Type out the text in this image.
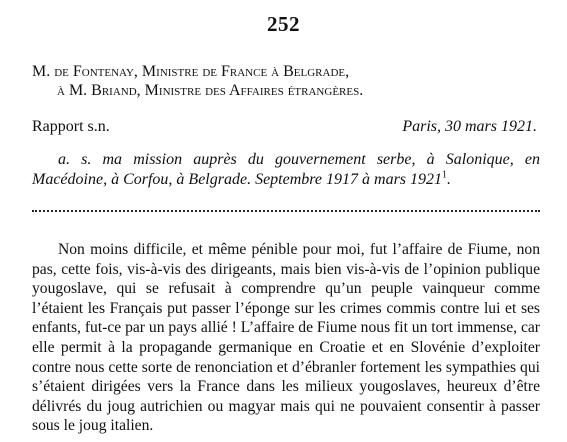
252
M. de Fontenay, Ministre de France à Belgrade,
à M. Briand, Ministre des Affaires étrangères.
Rapport s.n.	Paris, 30 mars 1921.

a. s. ma mission auprès du gouvernement serbe, à Salonique, en Macédoine, à Corfou, à Belgrade. Septembre 1917 à mars 1921$^1$.

Non moins difficile, et même pénible pour moi, fut l’affaire de Fiume, non pas, cette fois, vis-à-vis des dirigeants, mais bien vis-à-vis de l’opinion publique yougoslave, qui se refusait à comprendre qu’un peuple vainqueur comme l’étaient les Français put passer l’éponge sur les crimes commis contre lui et ses enfants, fut-ce par un pays allié ! L’affaire de Fiume nous fit un tort immense, car elle permit à la propagande germanique en Croatie et en Slovénie d’exploiter contre nous cette sorte de renonciation et d’ébranler fortement les sympathies qui s’étaient dirigées vers la France dans les milieux yougoslaves, heureux d’être délivrés du joug autrichien ou magyar mais qui ne pouvaient consentir à passer sous le joug italien.
